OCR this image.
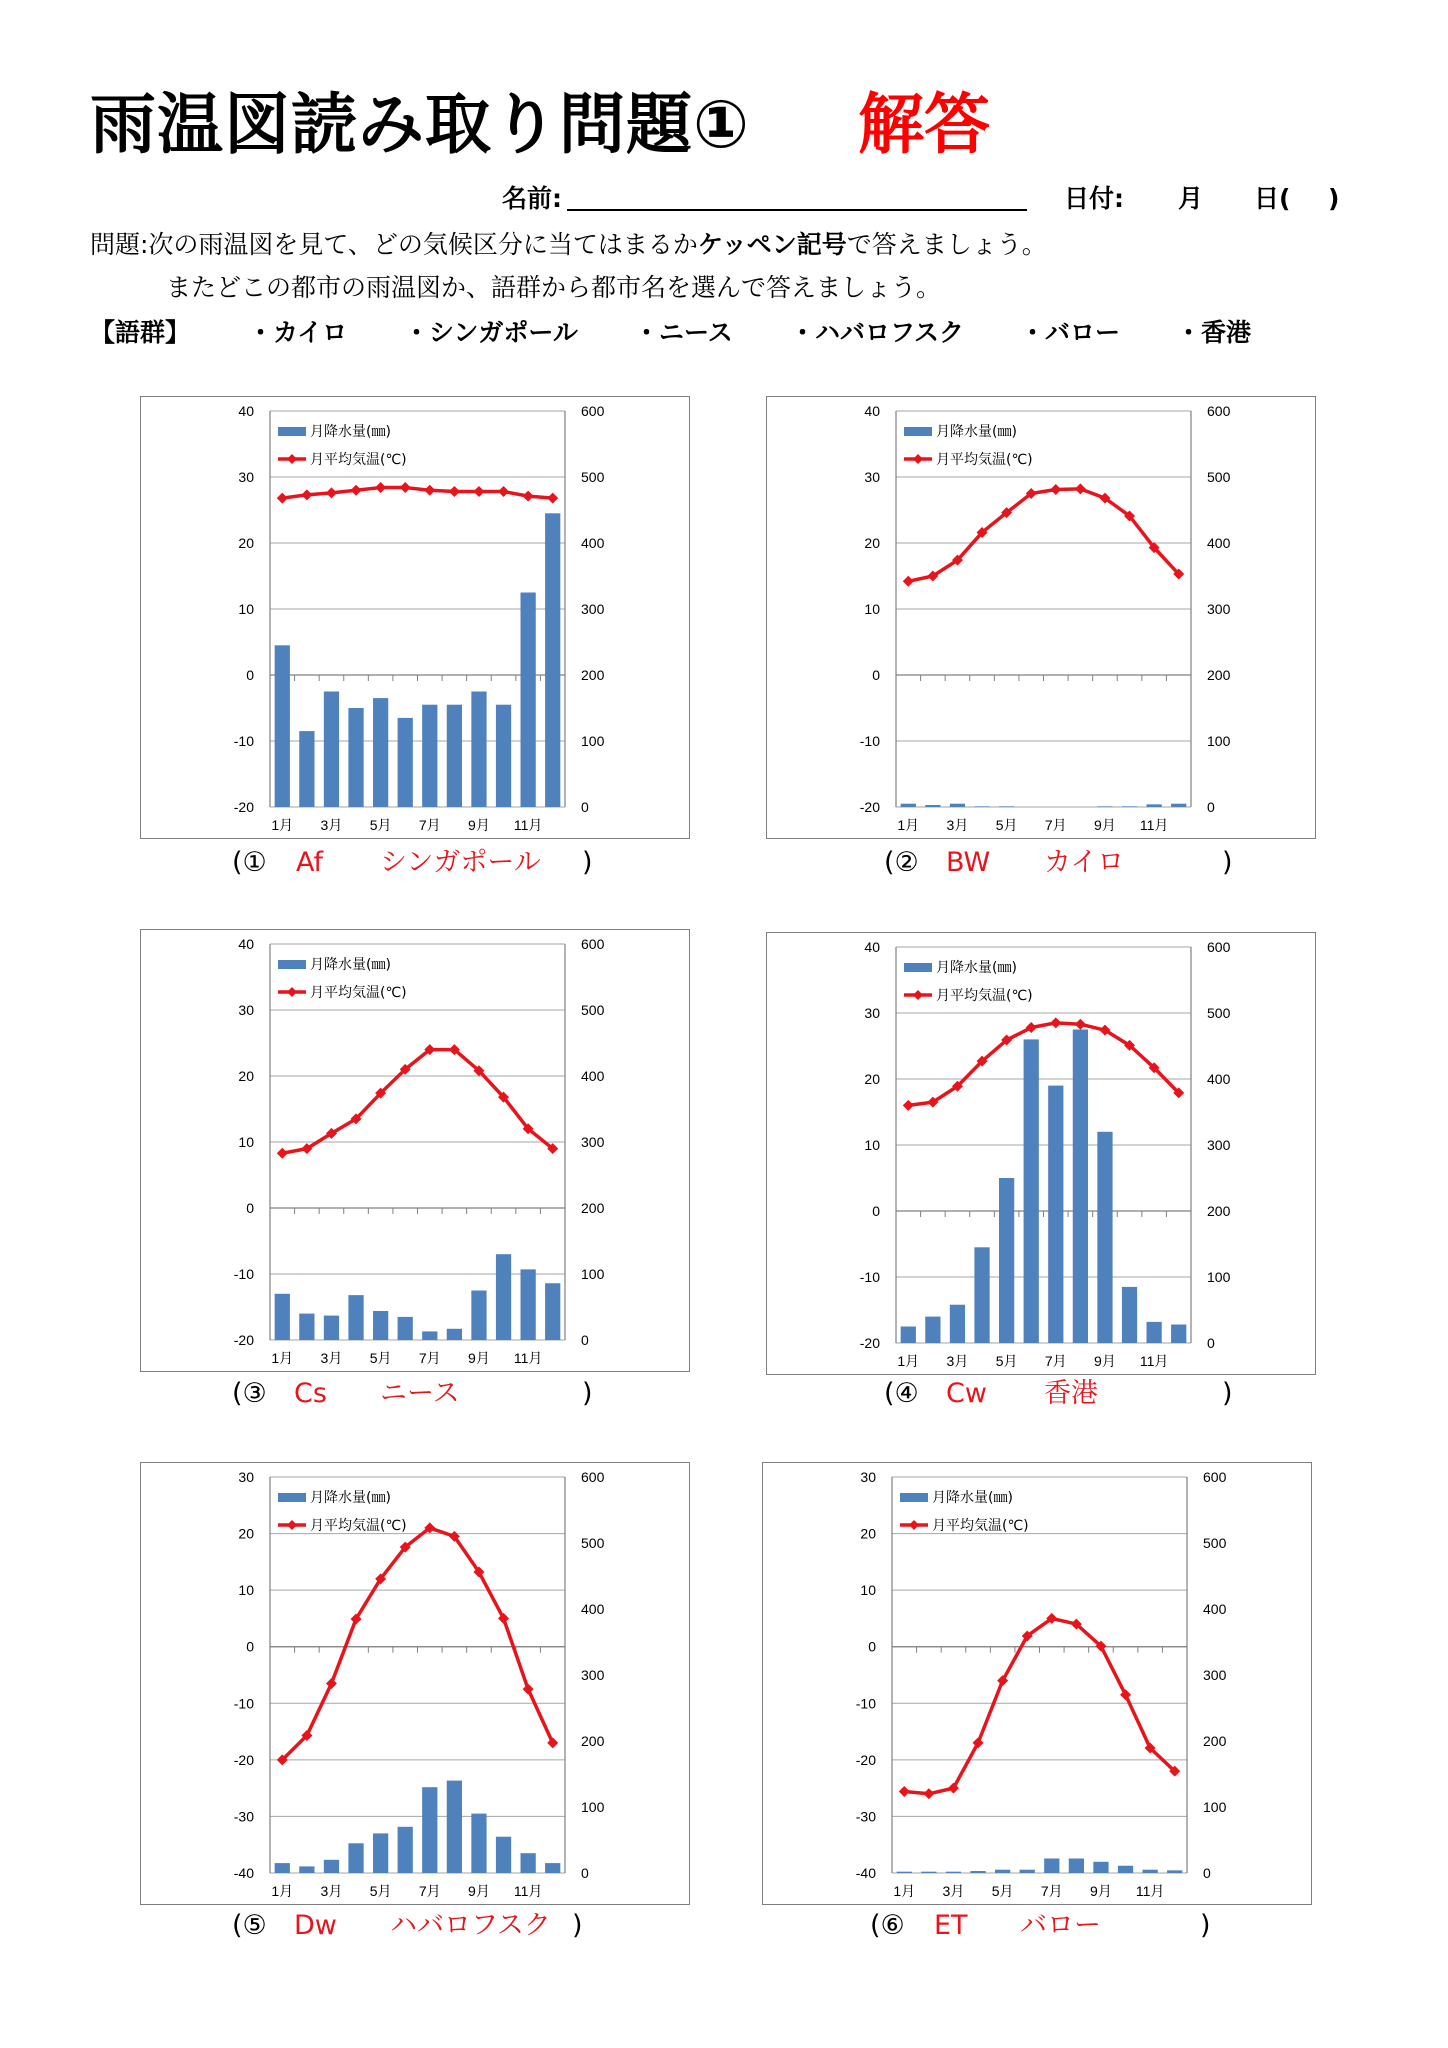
雨温図読み取り問題① 解答
名前:	日付: 月 日( )
問題:次の雨温図を見て、どの気候区分に当てはまるかケッペン記号で答えましょう。
またどこの都市の雨温図か、語群から都市名を選んで答えましょう。
【語群】 ・カイロ ・シンガポール ・ニース ・ハバロフスク ・バロー ・香港
40
30
20
10
0
-10
-20
600
500
400
300
200
100
0
1月 3月 5月 7月 9月 11月
月降水量(㎜)
月平均気温(℃)
40
30
20
10
0
-10
-20
600
500
400
300
200
100
0
1月 3月 5月 7月 9月 11月
月降水量(㎜)
月平均気温(℃)
40
30
20
10
0
-10
-20
600
500
400
300
200
100
0
1月 3月 5月 7月 9月 11月
月降水量(㎜)
月平均気温(℃)
40
30
20
10
0
-10
-20
600
500
400
300
200
100
0
1月 3月 5月 7月 9月 11月
月降水量(㎜)
月平均気温(℃)
30
20
10
0
-10
-20
-30
-40
600
500
400
300
200
100
0
1月 3月 5月 7月 9月 11月
月降水量(㎜)
月平均気温(℃)
30
20
10
0
-10
-20
-30
-40
600
500
400
300
200
100
0
1月 3月 5月 7月 9月 11月
月降水量(㎜)
月平均気温(℃)
(① Af シンガポール )	(② BW カイロ	)
(③ Cs ニース	)	(④ Cw 香港	)
(⑤ Dw ハバロフスク )	(⑥ ET バロー	)
